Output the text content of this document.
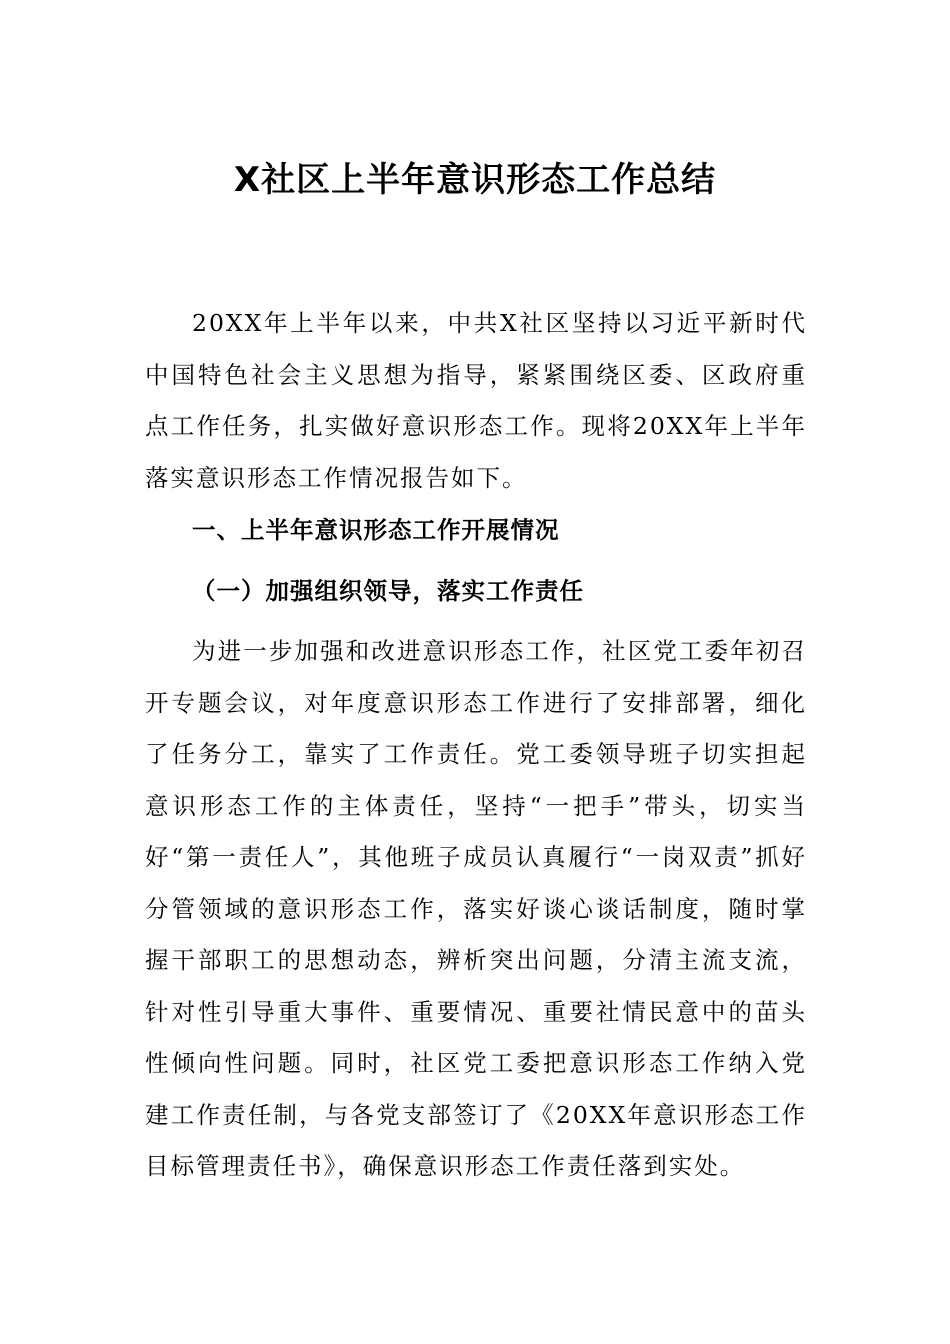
X社区上半年意识形态工作总结

20XX年上半年以来，中共X社区坚持以习近平新时代中国特色社会主义思想为指导，紧紧围绕区委、区政府重点工作任务，扎实做好意识形态工作。现将20XX年上半年落实意识形态工作情况报告如下。

一、上半年意识形态工作开展情况
（一）加强组织领导，落实工作责任

为进一步加强和改进意识形态工作，社区党工委年初召开专题会议，对年度意识形态工作进行了安排部署，细化了任务分工，靠实了工作责任。党工委领导班子切实担起意识形态工作的主体责任，坚持“一把手”带头，切实当好“第一责任人”，其他班子成员认真履行“一岗双责”抓好分管领域的意识形态工作，落实好谈心谈话制度，随时掌握干部职工的思想动态，辨析突出问题，分清主流支流，针对性引导重大事件、重要情况、重要社情民意中的苗头性倾向性问题。同时，社区党工委把意识形态工作纳入党建工作责任制，与各党支部签订了《20XX年意识形态工作目标管理责任书》，确保意识形态工作责任落到实处。
